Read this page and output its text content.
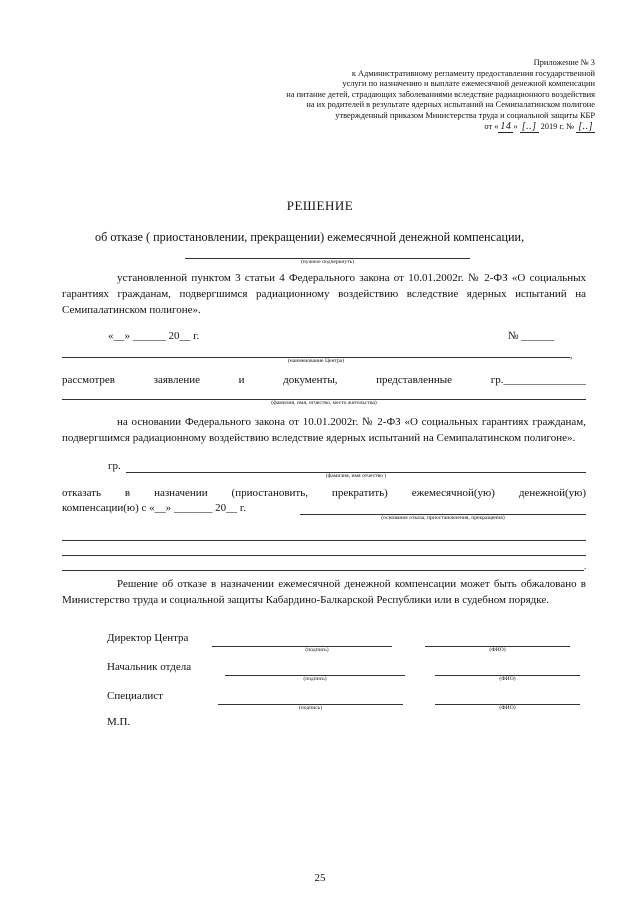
Приложение № 3
к Административному регламенту предоставления государственной
услуги по назначению и выплате ежемесячной денежной компенсации
на питание детей, страдающих заболеваниями вследствие радиационного воздействия
на их родителей в результате ядерных испытаний на Семипалатинском полигоне
утвержденный приказом Министерства труда и социальной защиты КБР
от « 14 » [..] 2019 г. № [..]
РЕШЕНИЕ
об отказе ( приостановлении, прекращении) ежемесячной денежной компенсации,
(нужное подчеркнуть)
установленной пунктом 3 статьи 4 Федерального закона от 10.01.2002г. № 2-ФЗ «О социальных гарантиях гражданам, подвергшимся радиационному воздействию вследствие ядерных испытаний на Семипалатинском полигоне».
«__» ______ 20__ г.	№ ______
,
(наименование Центра)
рассмотрев	заявление	и	документы,	представленные	гр._______________
(фамилия, имя, отчество, место жительства)
на основании Федерального закона от 10.01.2002г. № 2-ФЗ «О социальных гарантиях гражданам, подвергшимся радиационному воздействию вследствие ядерных испытаний на Семипалатинском полигоне».
гр.
(фамилия, имя отчество )
отказать в назначении (приостановить, прекратить) ежемесячной(ую) денежной(ую)
компенсации(ю) с «__» _______ 20__ г.
(основание отказа, приостановления, прекращения)
.
Решение об отказе в назначении ежемесячной денежной компенсации может быть обжаловано в Министерство труда и социальной защиты Кабардино-Балкарской Республики или в судебном порядке.
Директор Центра
(подпись)	(ФИО)
Начальник отдела
(подпись)	(ФИО)
Специалист
(подпись)	(ФИО)
М.П.
25
